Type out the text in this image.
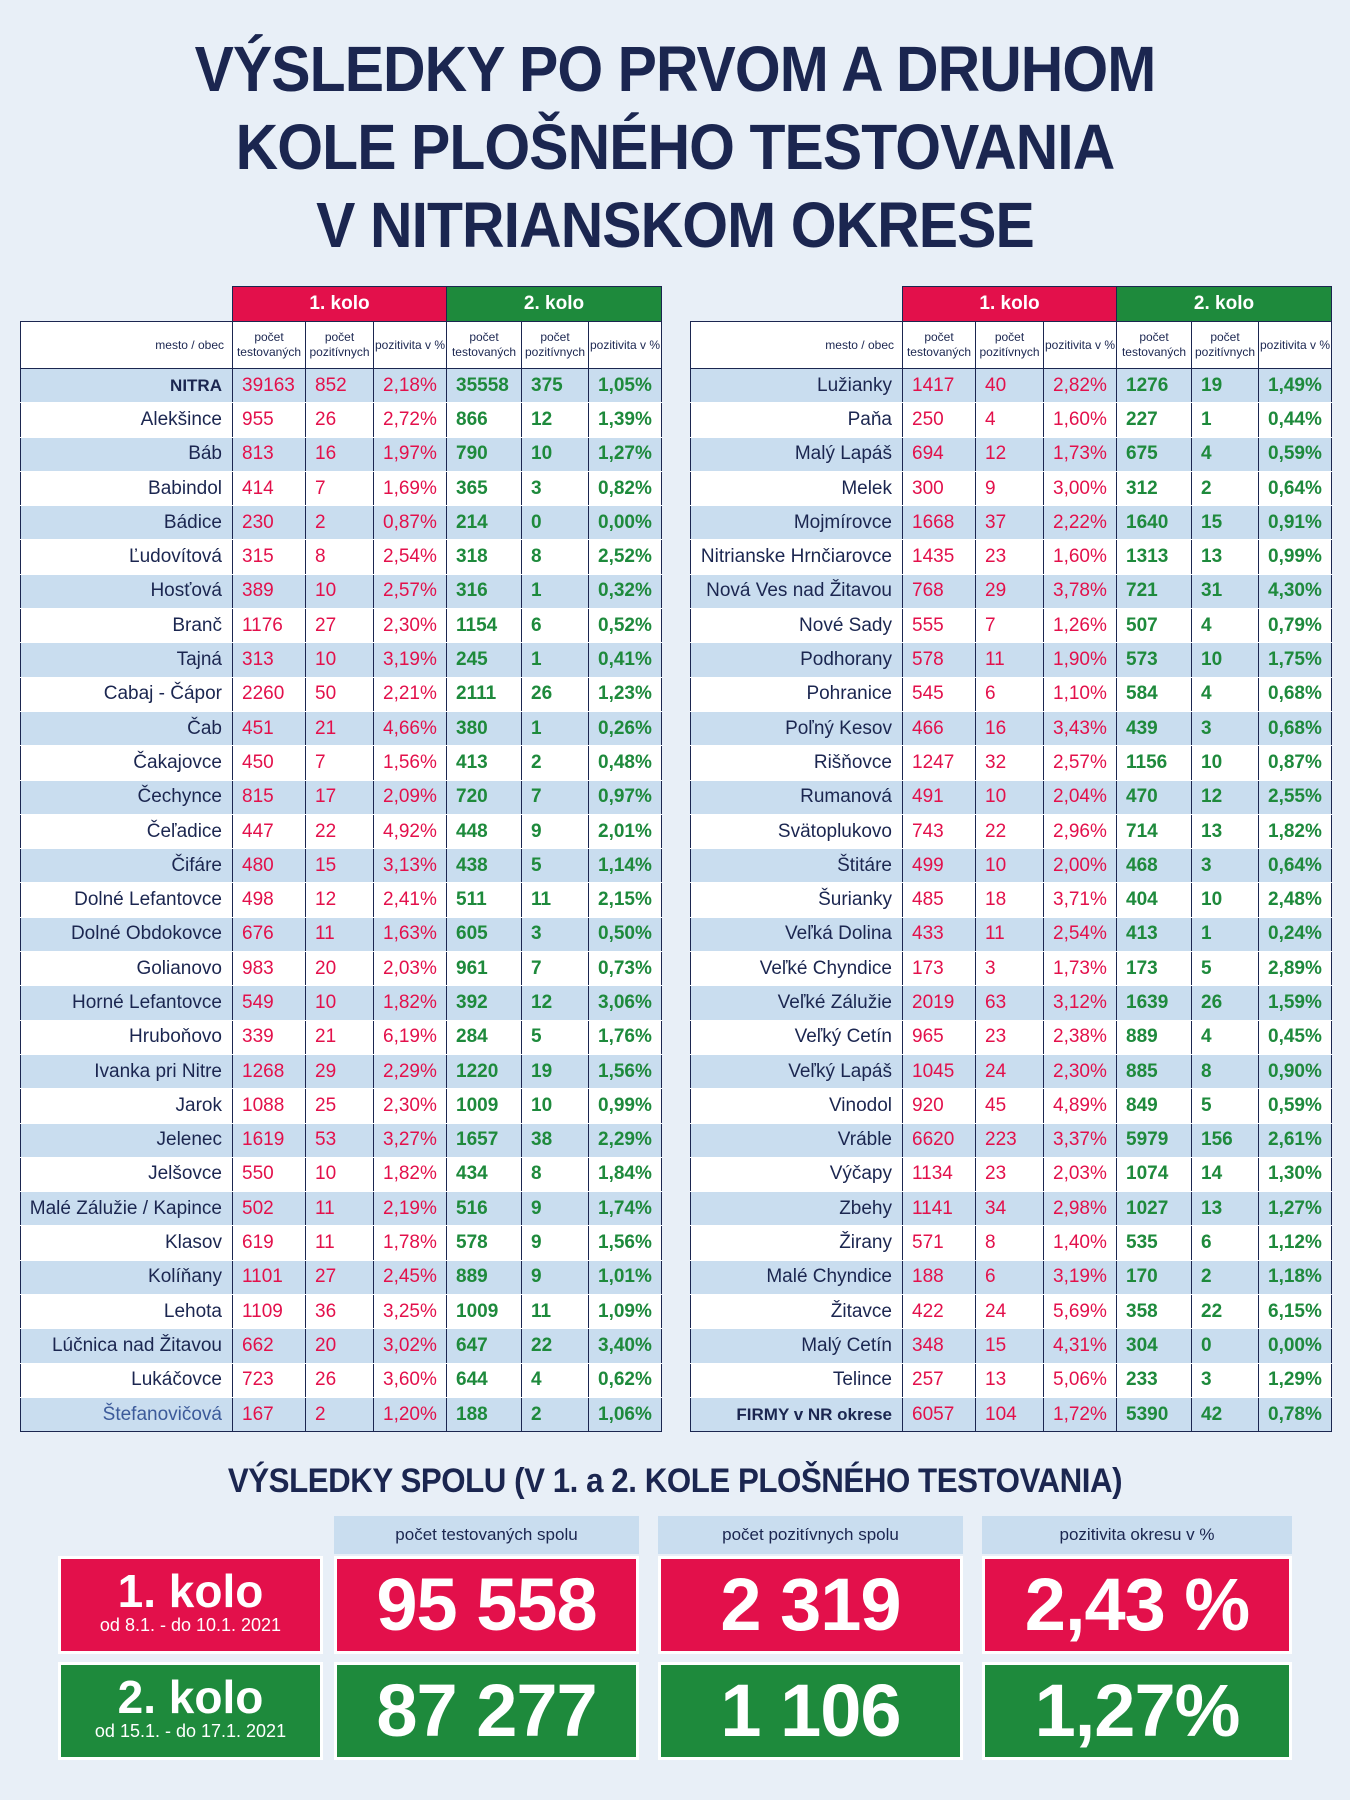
VÝSLEDKY PO PRVOM A DRUHOM
KOLE PLOŠNÉHO TESTOVANIA
V NITRIANSKOM OKRESE
	1. kolo			2. kolo		
mesto / obec	počet testovaných	počet pozitívnych	pozitivita v %	počet testovaných	počet pozitívnych	pozitivita v %
NITRA	39163	852	2,18%	35558	375	1,05%
Alekšince	955	26	2,72%	866	12	1,39%
Báb	813	16	1,97%	790	10	1,27%
Babindol	414	7	1,69%	365	3	0,82%
Bádice	230	2	0,87%	214	0	0,00%
Ľudovítová	315	8	2,54%	318	8	2,52%
Hosťová	389	10	2,57%	316	1	0,32%
Branč	1176	27	2,30%	1154	6	0,52%
Tajná	313	10	3,19%	245	1	0,41%
Cabaj - Čápor	2260	50	2,21%	2111	26	1,23%
Čab	451	21	4,66%	380	1	0,26%
Čakajovce	450	7	1,56%	413	2	0,48%
Čechynce	815	17	2,09%	720	7	0,97%
Čeľadice	447	22	4,92%	448	9	2,01%
Čifáre	480	15	3,13%	438	5	1,14%
Dolné Lefantovce	498	12	2,41%	511	11	2,15%
Dolné Obdokovce	676	11	1,63%	605	3	0,50%
Golianovo	983	20	2,03%	961	7	0,73%
Horné Lefantovce	549	10	1,82%	392	12	3,06%
Hruboňovo	339	21	6,19%	284	5	1,76%
Ivanka pri Nitre	1268	29	2,29%	1220	19	1,56%
Jarok	1088	25	2,30%	1009	10	0,99%
Jelenec	1619	53	3,27%	1657	38	2,29%
Jelšovce	550	10	1,82%	434	8	1,84%
Malé Zálužie / Kapince	502	11	2,19%	516	9	1,74%
Klasov	619	11	1,78%	578	9	1,56%
Kolíňany	1101	27	2,45%	889	9	1,01%
Lehota	1109	36	3,25%	1009	11	1,09%
Lúčnica nad Žitavou	662	20	3,02%	647	22	3,40%
Lukáčovce	723	26	3,60%	644	4	0,62%
Štefanovičová	167	2	1,20%	188	2	1,06%
	1. kolo			2. kolo		
mesto / obec	počet testovaných	počet pozitívnych	pozitivita v %	počet testovaných	počet pozitívnych	pozitivita v %
Lužianky	1417	40	2,82%	1276	19	1,49%
Paňa	250	4	1,60%	227	1	0,44%
Malý Lapáš	694	12	1,73%	675	4	0,59%
Melek	300	9	3,00%	312	2	0,64%
Mojmírovce	1668	37	2,22%	1640	15	0,91%
Nitrianske Hrnčiarovce	1435	23	1,60%	1313	13	0,99%
Nová Ves nad Žitavou	768	29	3,78%	721	31	4,30%
Nové Sady	555	7	1,26%	507	4	0,79%
Podhorany	578	11	1,90%	573	10	1,75%
Pohranice	545	6	1,10%	584	4	0,68%
Poľný Kesov	466	16	3,43%	439	3	0,68%
Rišňovce	1247	32	2,57%	1156	10	0,87%
Rumanová	491	10	2,04%	470	12	2,55%
Svätoplukovo	743	22	2,96%	714	13	1,82%
Štitáre	499	10	2,00%	468	3	0,64%
Šurianky	485	18	3,71%	404	10	2,48%
Veľká Dolina	433	11	2,54%	413	1	0,24%
Veľké Chyndice	173	3	1,73%	173	5	2,89%
Veľké Zálužie	2019	63	3,12%	1639	26	1,59%
Veľký Cetín	965	23	2,38%	889	4	0,45%
Veľký Lapáš	1045	24	2,30%	885	8	0,90%
Vinodol	920	45	4,89%	849	5	0,59%
Vráble	6620	223	3,37%	5979	156	2,61%
Výčapy	1134	23	2,03%	1074	14	1,30%
Zbehy	1141	34	2,98%	1027	13	1,27%
Žirany	571	8	1,40%	535	6	1,12%
Malé Chyndice	188	6	3,19%	170	2	1,18%
Žitavce	422	24	5,69%	358	22	6,15%
Malý Cetín	348	15	4,31%	304	0	0,00%
Telince	257	13	5,06%	233	3	1,29%
FIRMY v NR okrese	6057	104	1,72%	5390	42	0,78%
VÝSLEDKY SPOLU (V 1. a 2. KOLE PLOŠNÉHO TESTOVANIA)
počet testovaných spolu	počet pozitívnych spolu	pozitivita okresu v %
1. kolo
od 8.1. - do 10.1. 2021	95 558	2 319	2,43 %
2. kolo
od 15.1. - do 17.1. 2021	87 277	1 106	1,27%
